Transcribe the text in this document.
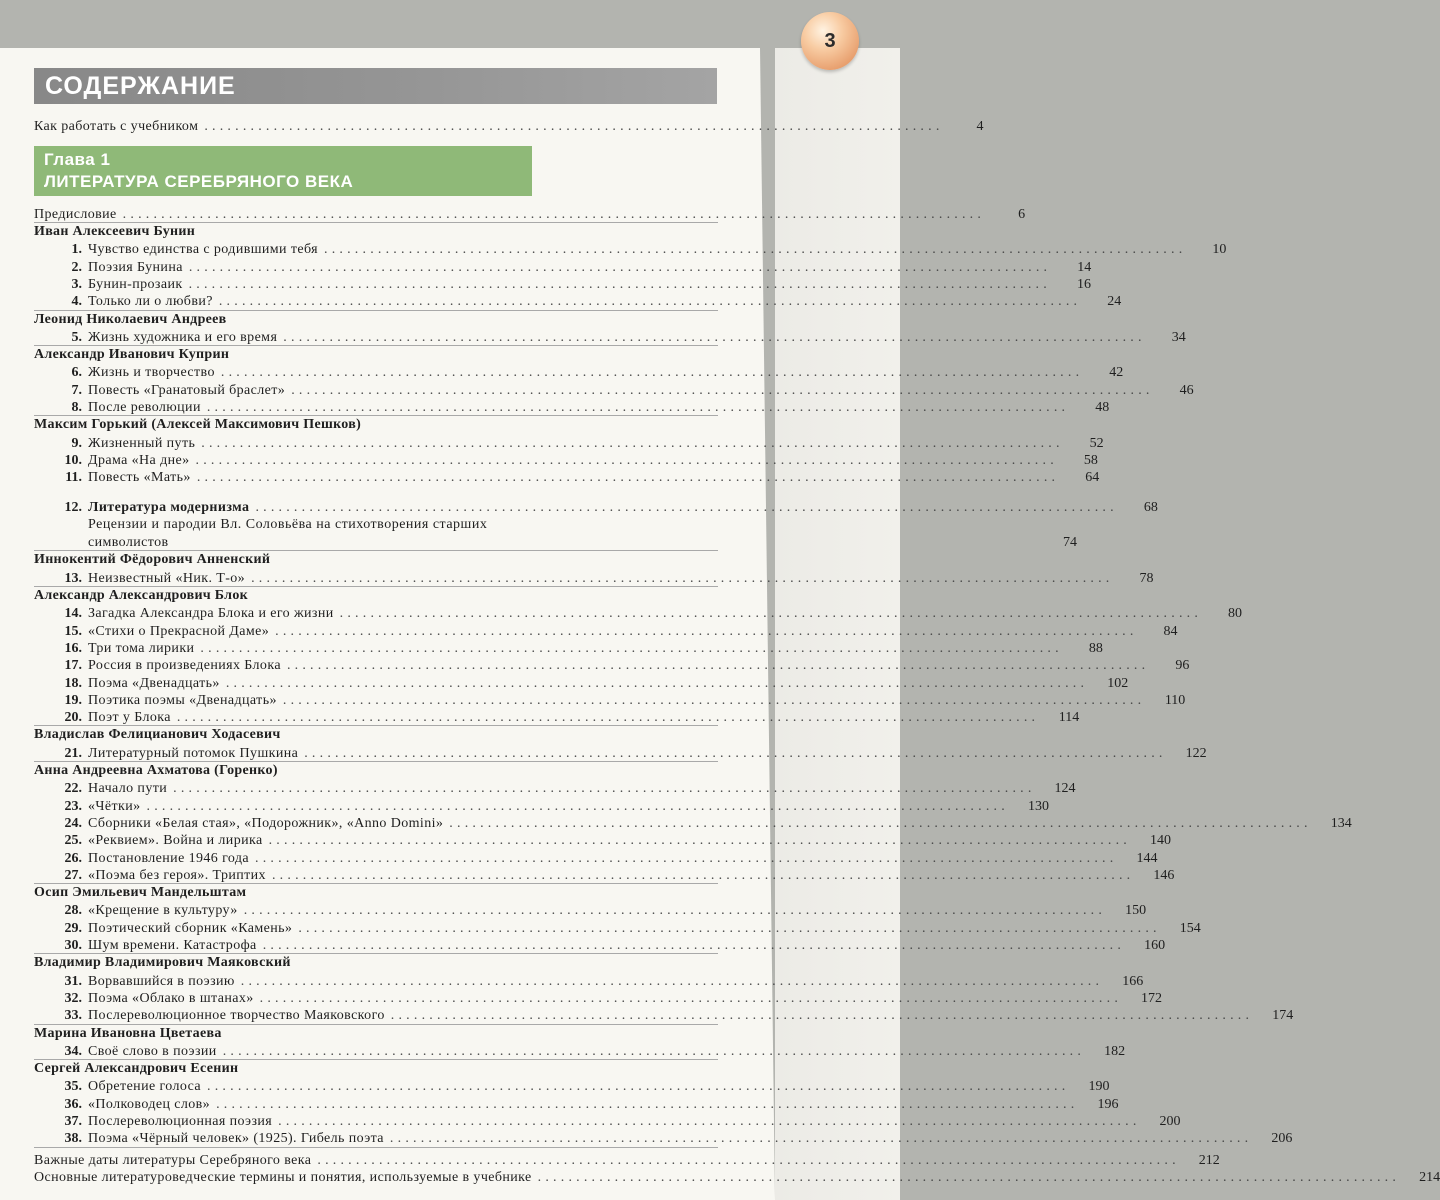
3
СОДЕРЖАНИЕ
Как работать с учебником ................................................................................................	4
Глава 1
ЛИТЕРАТУРА СЕРЕБРЯНОГО ВЕКА
Предисловие ................................................................................................................	6
Иван Алексеевич Бунин
1. Чувство единства с родившими тебя ................................................................................................................	10
2. Поэзия Бунина ................................................................................................................	14
3. Бунин-прозаик ................................................................................................................	16
4. Только ли о любви? ................................................................................................................	24
Леонид Николаевич Андреев
5. Жизнь художника и его время ................................................................................................................	34
Александр Иванович Куприн
6. Жизнь и творчество ................................................................................................................	42
7. Повесть «Гранатовый браслет» ................................................................................................................	46
8. После революции ................................................................................................................	48
Максим Горький (Алексей Максимович Пешков)
9. Жизненный путь ................................................................................................................	52
10. Драма «На дне» ................................................................................................................	58
11. Повесть «Мать» ................................................................................................................	64
12. Литература модернизма ................................................................................................................	68
Рецензии и пародии Вл. Соловьёва на стихотворения старших
символистов	74
Иннокентий Фёдорович Анненский
13. Неизвестный «Ник. Т-о» ................................................................................................................	78
Александр Александрович Блок
14. Загадка Александра Блока и его жизни ................................................................................................................	80
15. «Стихи о Прекрасной Даме» ................................................................................................................	84
16. Три тома лирики ................................................................................................................	88
17. Россия в произведениях Блока ................................................................................................................	96
18. Поэма «Двенадцать» ................................................................................................................	102
19. Поэтика поэмы «Двенадцать» ................................................................................................................	110
20. Поэт у Блока ................................................................................................................	114
Владислав Фелицианович Ходасевич
21. Литературный потомок Пушкина ................................................................................................................	122
Анна Андреевна Ахматова (Горенко)
22. Начало пути ................................................................................................................	124
23. «Чётки» ................................................................................................................	130
24. Сборники «Белая стая», «Подорожник», «Anno Domini» ................................................................................................................	134
25. «Реквием». Война и лирика ................................................................................................................	140
26. Постановление 1946 года ................................................................................................................	144
27. «Поэма без героя». Триптих ................................................................................................................	146
Осип Эмильевич Мандельштам
28. «Крещение в культуру» ................................................................................................................	150
29. Поэтический сборник «Камень» ................................................................................................................	154
30. Шум времени. Катастрофа ................................................................................................................	160
Владимир Владимирович Маяковский
31. Ворвавшийся в поэзию ................................................................................................................	166
32. Поэма «Облако в штанах» ................................................................................................................	172
33. Послереволюционное творчество Маяковского ................................................................................................................	174
Марина Ивановна Цветаева
34. Своё слово в поэзии ................................................................................................................	182
Сергей Александрович Есенин
35. Обретение голоса ................................................................................................................	190
36. «Полководец слов» ................................................................................................................	196
37. Послереволюционная поэзия ................................................................................................................	200
38. Поэма «Чёрный человек» (1925). Гибель поэта ................................................................................................................	206
Важные даты литературы Серебряного века ................................................................................................................	212
Основные литературоведческие термины и понятия, используемые в учебнике ................................................................................................................	214
